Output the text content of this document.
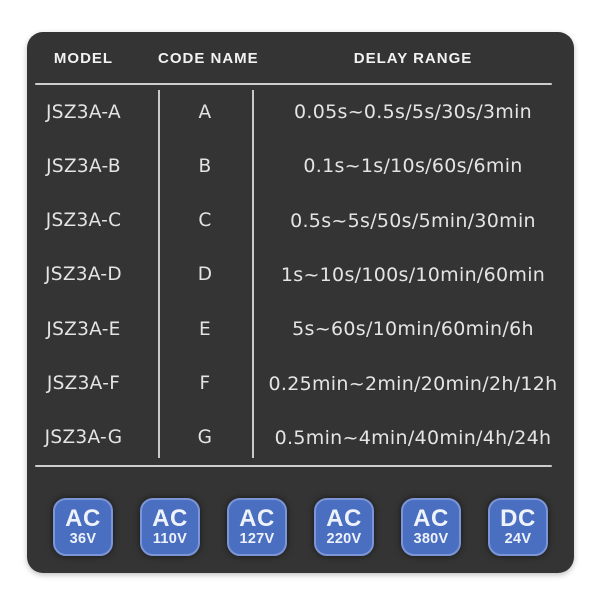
MODEL	CODE NAME	DELAY RANGE
JSZ3A-A	A	0.05s~0.5s/5s/30s/3min
JSZ3A-B	B	0.1s~1s/10s/60s/6min
JSZ3A-C	C	0.5s~5s/50s/5min/30min
JSZ3A-D	D	1s~10s/100s/10min/60min
JSZ3A-E	E	5s~60s/10min/60min/6h
JSZ3A-F	F	0.25min~2min/20min/2h/12h
JSZ3A-G	G	0.5min~4min/40min/4h/24h
AC
36V
AC
110V
AC
127V
AC
220V
AC
380V
DC
24V
